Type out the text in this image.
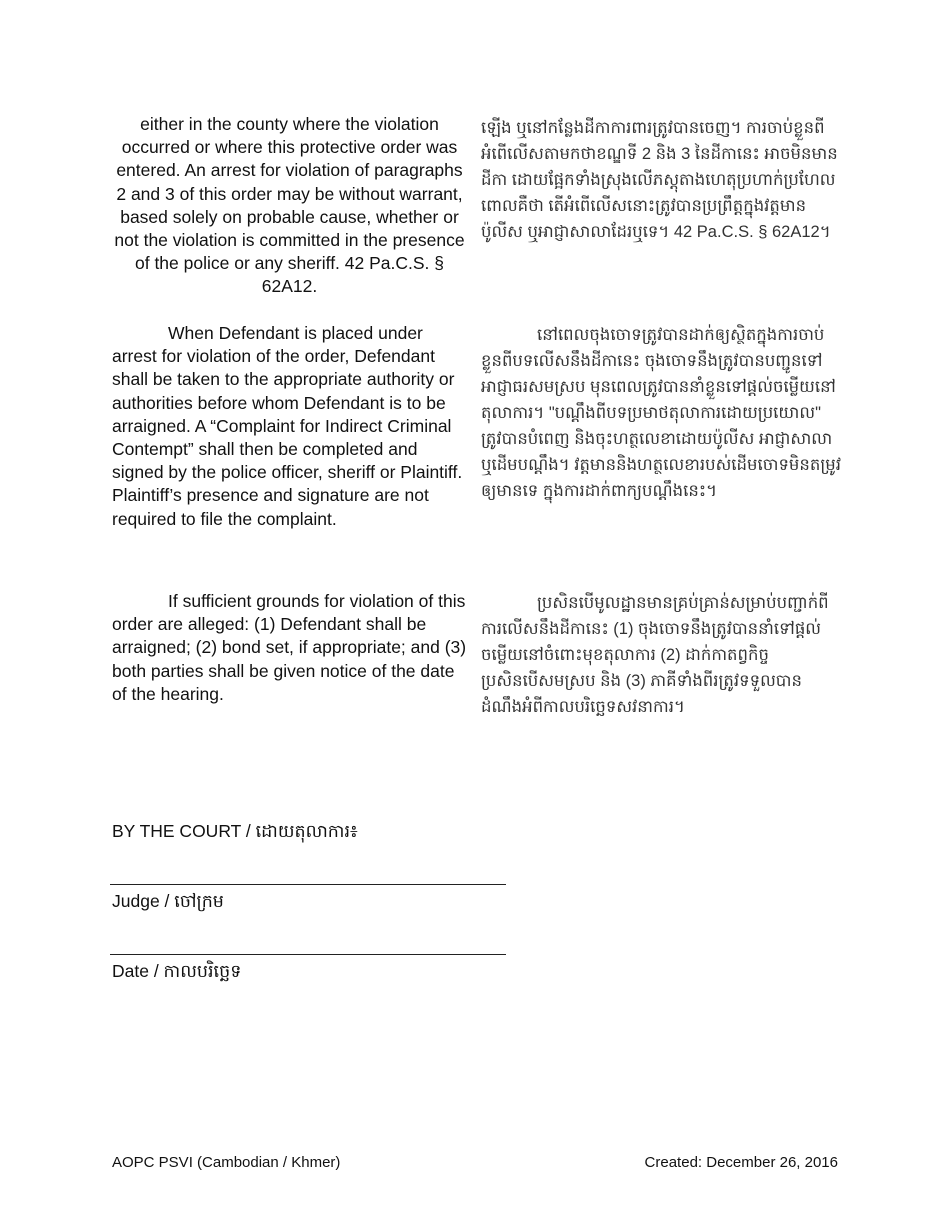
either in the county where the violation occurred or where this protective order was entered. An arrest for violation of paragraphs 2 and 3 of this order may be without warrant, based solely on probable cause, whether or not the violation is committed in the presence of the police or any sheriff. 42 Pa.C.S. § 62A12.
When Defendant is placed under arrest for violation of the order, Defendant shall be taken to the appropriate authority or authorities before whom Defendant is to be arraigned. A “Complaint for Indirect Criminal Contempt” shall then be completed and signed by the police officer, sheriff or Plaintiff. Plaintiff’s presence and signature are not required to file the complaint.
If sufficient grounds for violation of this order are alleged: (1) Defendant shall be arraigned; (2) bond set, if appropriate; and (3) both parties shall be given notice of the date of the hearing.
ឡើង ឬនៅកន្លែងដីកាការពារត្រូវបានចេញ។ ការចាប់ខ្លួនពីអំពើលើសតាមកថាខណ្ឌទី 2 និង 3 នៃដីកានេះ អាចមិនមានដីកា ដោយផ្អែកទាំងស្រុងលើភស្តុតាងហេតុប្រហាក់ប្រហែល ពោលគឺថា តើអំពើលើសនោះត្រូវបានប្រព្រឹត្តក្នុងវត្តមានប៉ូលីស ឬអាជ្ញាសាលាដែរឬទេ។ 42 Pa.C.S. § 62A12។
នៅពេលចុងចោទត្រូវបានដាក់ឲ្យស្ថិតក្នុងការចាប់ខ្លួនពីបទលើសនឹងដីកានេះ ចុងចោទនឹងត្រូវបានបញ្ជូនទៅអាជ្ញាធរសមស្រប មុនពេលត្រូវបាននាំខ្លួនទៅផ្តល់ចម្លើយនៅតុលាការ។ "បណ្តឹងពីបទប្រមាថតុលាការដោយប្រយោល" ត្រូវបានបំពេញ និងចុះហត្ថលេខាដោយប៉ូលីស អាជ្ញាសាលា ឬដើមបណ្តឹង។ វត្តមាននិងហត្ថលេខារបស់ដើមចោទមិនតម្រូវឲ្យមានទេ ក្នុងការដាក់ពាក្យបណ្តឹងនេះ។
ប្រសិនបើមូលដ្ឋានមានគ្រប់គ្រាន់សម្រាប់បញ្ជាក់ពីការលើសនឹងដីកានេះ (1) ចុងចោទនឹងត្រូវបាននាំទៅផ្តល់ចម្លើយនៅចំពោះមុខតុលាការ (2) ដាក់កាតព្វកិច្ច ប្រសិនបើសមស្រប និង (3) ភាគីទាំងពីរត្រូវទទួលបានដំណឹងអំពីកាលបរិច្ឆេទសវនាការ។
BY THE COURT / ដោយតុលាការ៖
Judge / ចៅក្រម
Date / កាលបរិច្ឆេទ
AOPC PSVI (Cambodian / Khmer)	Created: December 26, 2016
